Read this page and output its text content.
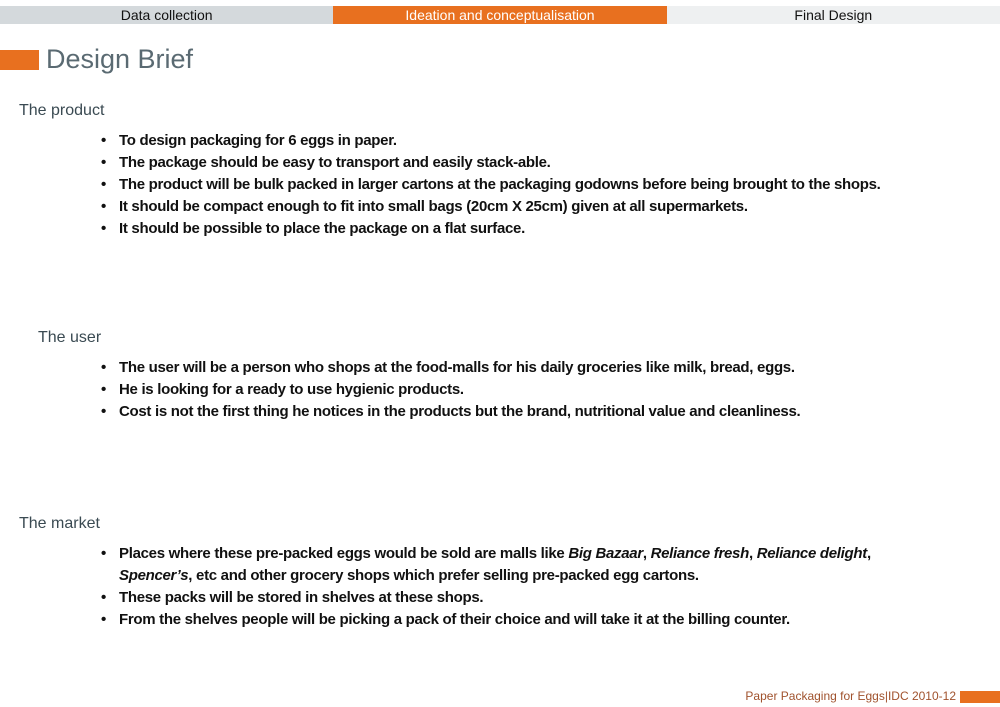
Data collection	Ideation and conceptualisation	Final Design
Design Brief
The product
• To design packaging for 6 eggs in paper.
• The package should be easy to transport and easily stack-able.
• The product will be bulk packed in larger cartons at the packaging godowns before being brought to the shops.
• It should be compact enough to fit into small bags (20cm X 25cm) given at all supermarkets.
• It should be possible to place the package on a flat surface.
The user
• The user will be a person who shops at the food-malls for his daily groceries like milk, bread, eggs.
• He is looking for a ready to use hygienic products.
• Cost is not the first thing he notices in the products but the brand, nutritional value and cleanliness.
The market
• Places where these pre-packed eggs would be sold are malls like Big Bazaar, Reliance fresh, Reliance delight, Spencer’s, etc and other grocery shops which prefer selling pre-packed egg cartons.
• These packs will be stored in shelves at these shops.
• From the shelves people will be picking a pack of their choice and will take it at the billing counter.
Paper Packaging for Eggs|IDC 2010-12
